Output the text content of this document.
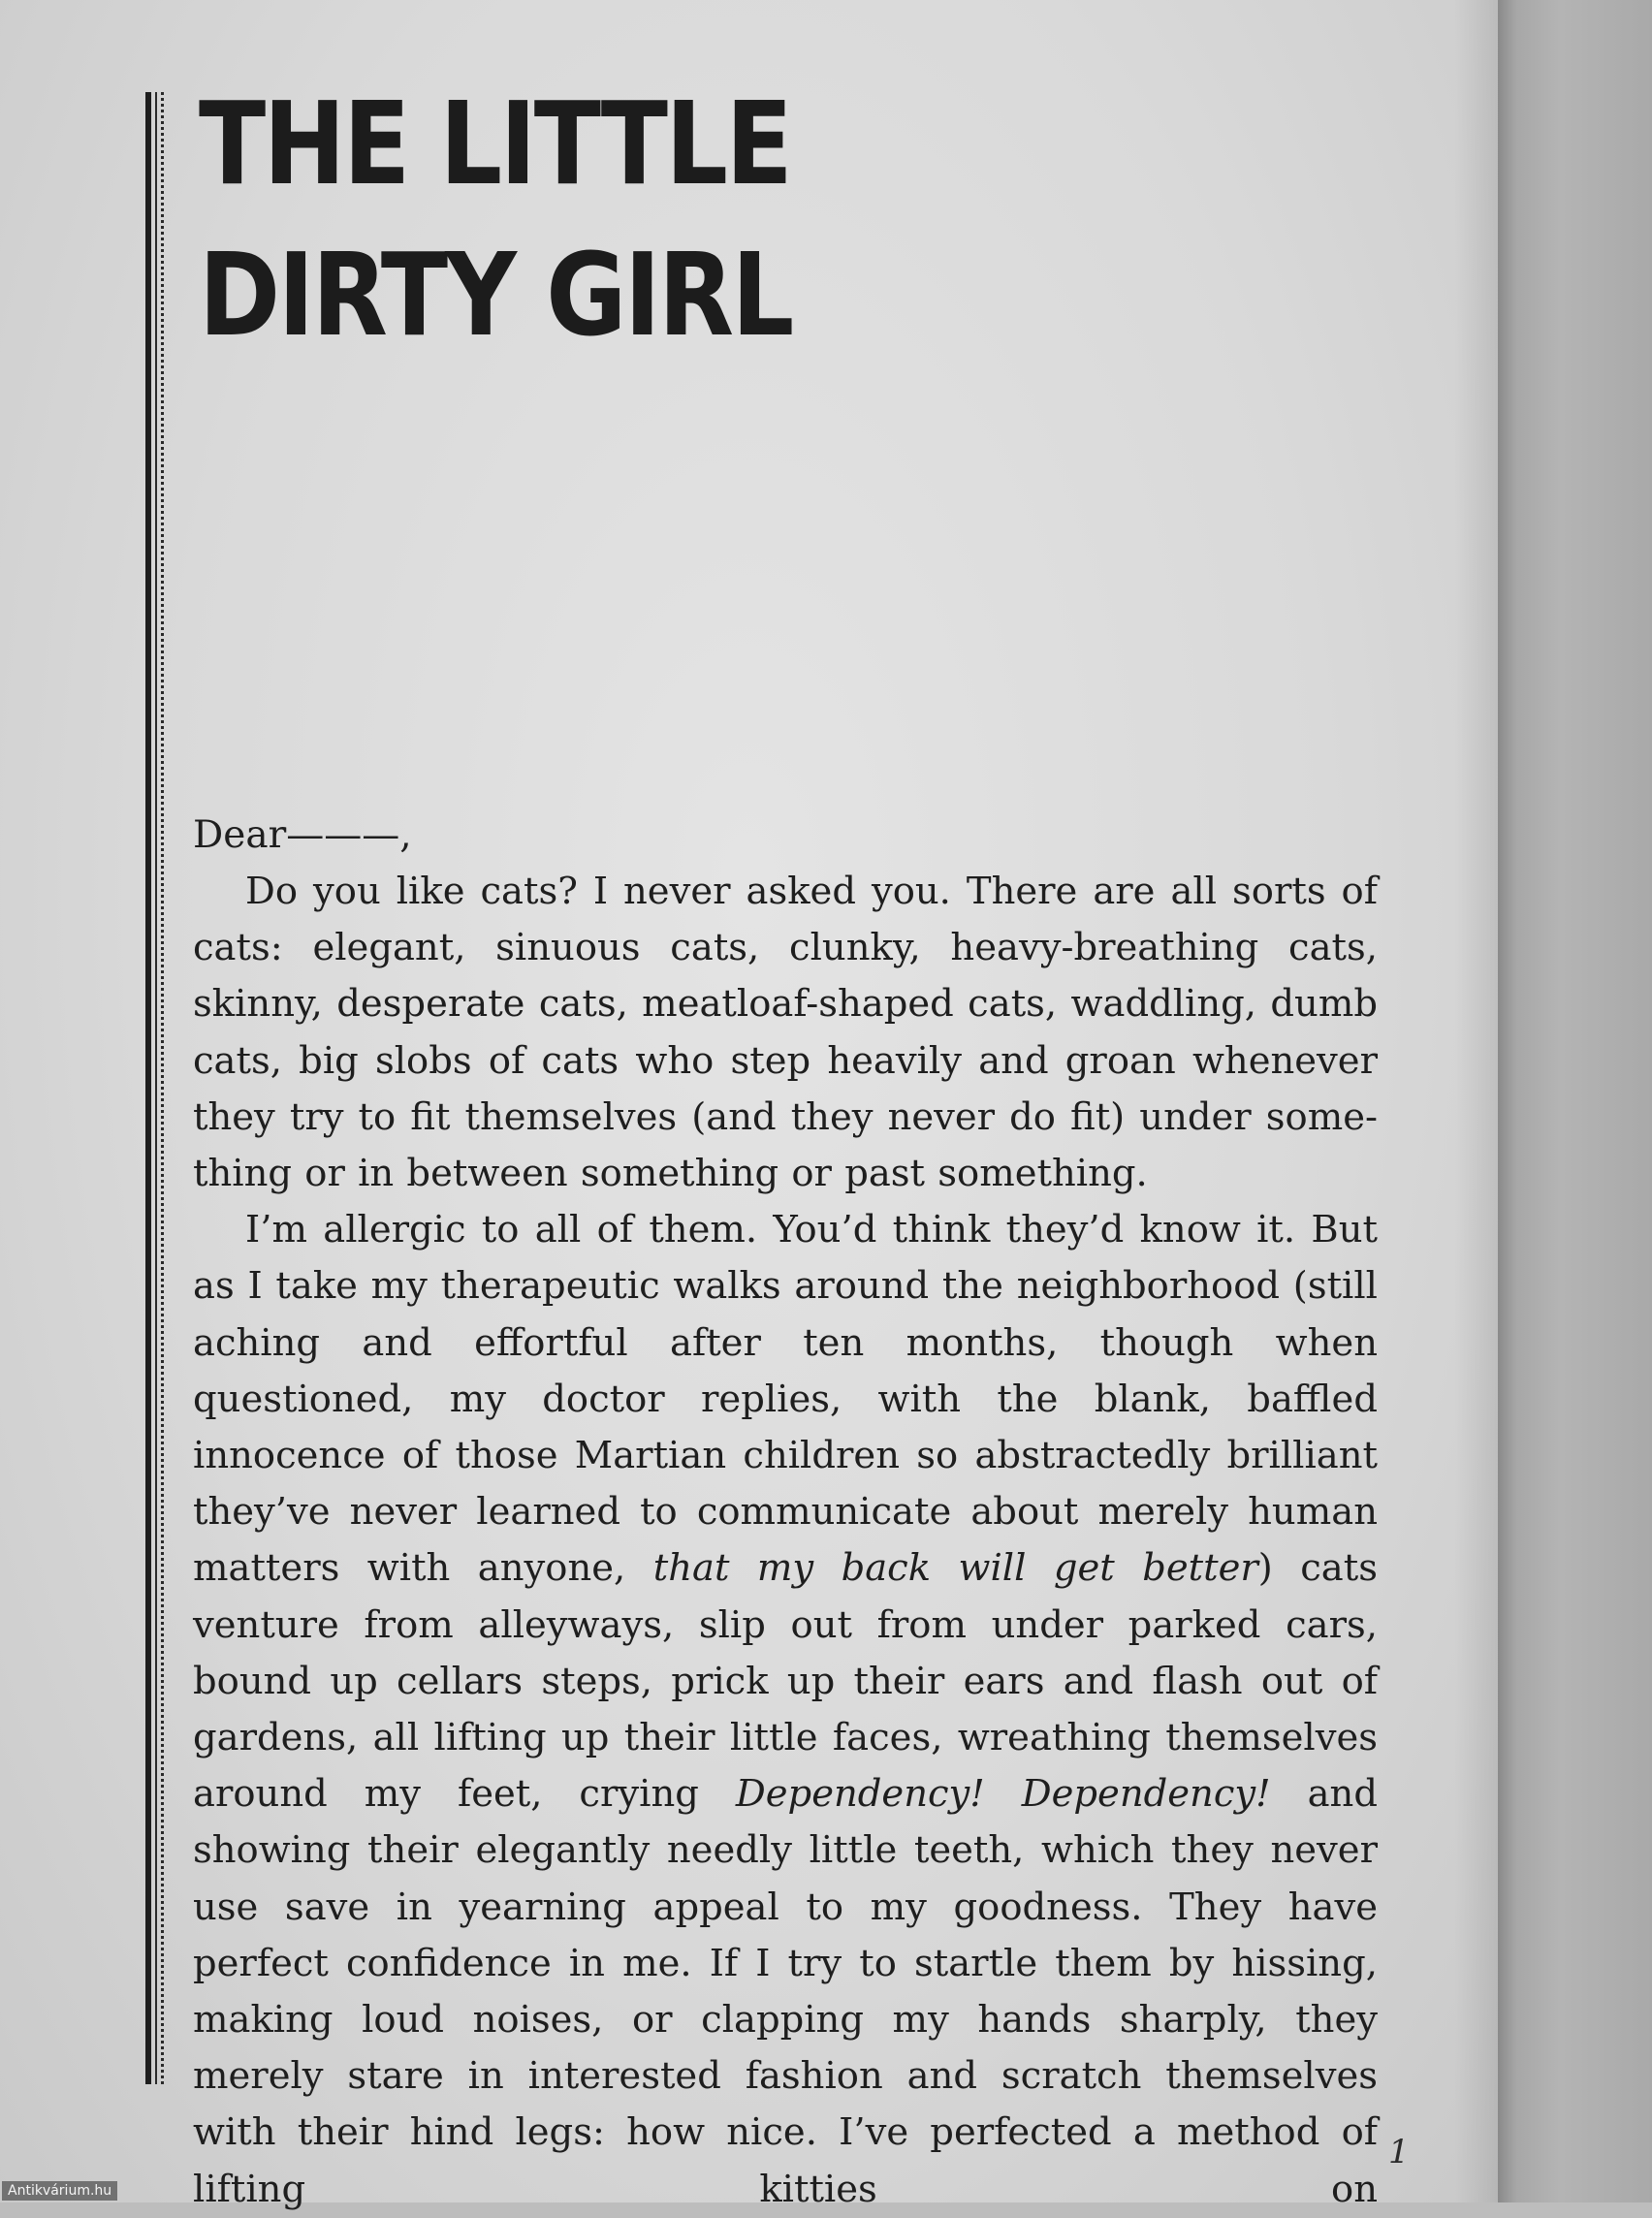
THE LITTLE
DIRTY GIRL
Dear———,

Do you like cats? I never asked you. There are all sorts of cats: elegant, sinuous cats, clunky, heavy-breathing cats, skinny, desperate cats, meatloaf-shaped cats, waddling, dumb cats, big slobs of cats who step heavily and groan whenever they try to fit themselves (and they never do fit) under something or in between something or past something.

I’m allergic to all of them. You’d think they’d know it. But as I take my therapeutic walks around the neighborhood (still aching and effortful after ten months, though when questioned, my doctor replies, with the blank, baffled innocence of those Martian children so abstractedly brilliant they’ve never learned to communicate about merely human matters with anyone, that my back will get better) cats venture from alleyways, slip out from under parked cars, bound up cellars steps, prick up their ears and flash out of gardens, all lifting up their little faces, wreathing themselves around my feet, crying Dependency! Dependency! and showing their elegantly needly little teeth, which they never use save in yearning appeal to my goodness. They have perfect confidence in me. If I try to startle them by hissing, making loud noises, or clapping my hands sharply, they merely stare in interested fashion and scratch themselves with their hind legs: how nice. I’ve perfected a method of lifting kitties on

1
Antikvárium.hu
